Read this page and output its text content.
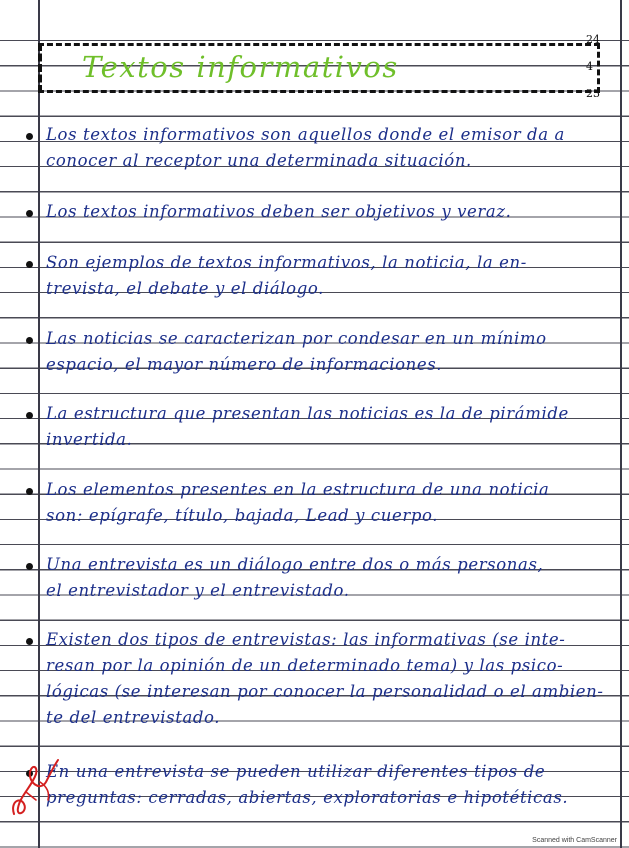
24
4
23
Textos informativos
Los textos informativos son aquellos donde el emisor da a
conocer al receptor una determinada situación.
Los textos informativos deben ser objetivos y veraz.
Son ejemplos de textos informativos, la noticia, la en-
trevista, el debate y el diálogo.
Las noticias se caracterizan por condesar en un mínimo
espacio, el mayor número de informaciones.
La estructura que presentan las noticias es la de pirámide
invertida.
Los elementos presentes en la estructura de una noticia
son: epígrafe, título, bajada, Lead y cuerpo.
Una entrevista es un diálogo entre dos o más personas,
el entrevistador y el entrevistado.
Existen dos tipos de entrevistas: las informativas (se inte-
resan por la opinión de un determinado tema) y las psico-
lógicas (se interesan por conocer la personalidad o el ambien-
te del entrevistado.
En una entrevista se pueden utilizar diferentes tipos de
preguntas: cerradas, abiertas, exploratorias e hipotéticas.
Scanned with CamScanner
